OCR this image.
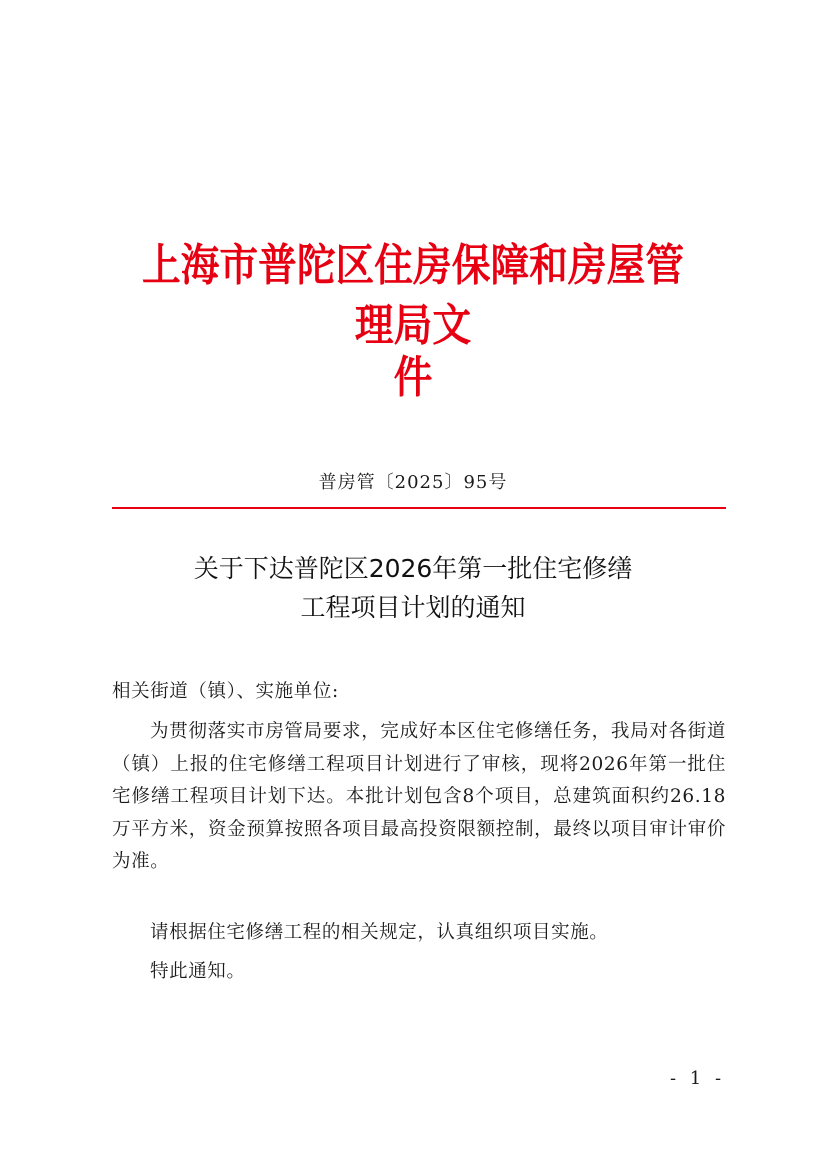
上海市普陀区住房保障和房屋管理局文
件
普房管〔2025〕95号
关于下达普陀区2026年第一批住宅修缮
工程项目计划的通知
相关街道（镇）、实施单位:
为贯彻落实市房管局要求，完成好本区住宅修缮任务，我局对各街道（镇）上报的住宅修缮工程项目计划进行了审核，现将2026年第一批住宅修缮工程项目计划下达。本批计划包含8个项目，总建筑面积约26.18万平方米，资金预算按照各项目最高投资限额控制，最终以项目审计审价为准。
请根据住宅修缮工程的相关规定，认真组织项目实施。
特此通知。
- 1 -
